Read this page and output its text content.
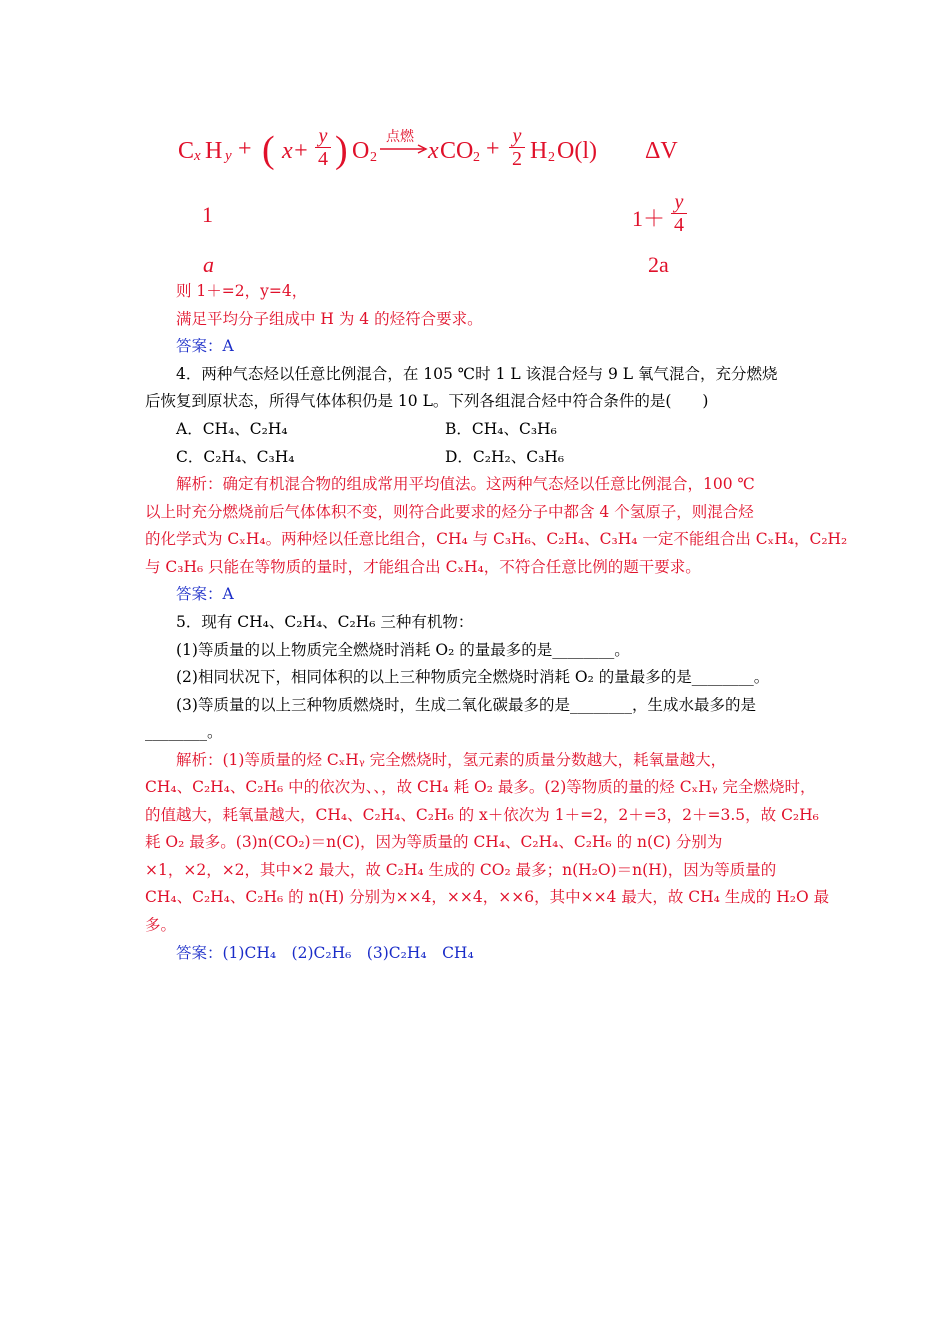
C x H y + ( x+
y
4 ) O 2
点燃
x CO 2 + y
2 H 2 O(l) ΔV
1	1＋
y
4
a	2a
则 1＋=2，y=4，
满足平均分子组成中 H 为 4 的烃符合要求。
答案：A
4．两种气态烃以任意比例混合，在 105 ℃时 1 L 该混合烃与 9 L 氧气混合，充分燃烧
后恢复到原状态，所得气体体积仍是 10 L。下列各组混合烃中符合条件的是(　　)
A．CH₄、C₂H₄	B．CH₄、C₃H₆
C．C₂H₄、C₃H₄	D．C₂H₂、C₃H₆
解析：确定有机混合物的组成常用平均值法。这两种气态烃以任意比例混合，100 ℃
以上时充分燃烧前后气体体积不变，则符合此要求的烃分子中都含 4 个氢原子，则混合烃
的化学式为 CₓH₄。两种烃以任意比组合，CH₄ 与 C₃H₆、C₂H₄、C₃H₄ 一定不能组合出 CₓH₄，C₂H₂
与 C₃H₆ 只能在等物质的量时，才能组合出 CₓH₄，不符合任意比例的题干要求。
答案：A
5．现有 CH₄、C₂H₄、C₂H₆ 三种有机物：
(1)等质量的以上物质完全燃烧时消耗 O₂ 的量最多的是________。
(2)相同状况下，相同体积的以上三种物质完全燃烧时消耗 O₂ 的量最多的是________。
(3)等质量的以上三种物质燃烧时，生成二氧化碳最多的是________，生成水最多的是
________。
解析：(1)等质量的烃 CₓHᵧ 完全燃烧时，氢元素的质量分数越大，耗氧量越大，
CH₄、C₂H₄、C₂H₆ 中的依次为、、，故 CH₄ 耗 O₂ 最多。(2)等物质的量的烃 CₓHᵧ 完全燃烧时，
的值越大，耗氧量越大，CH₄、C₂H₄、C₂H₆ 的 x＋依次为 1＋=2，2＋=3，2＋=3.5，故 C₂H₆
耗 O₂ 最多。(3)n(CO₂)＝n(C)，因为等质量的 CH₄、C₂H₄、C₂H₆ 的 n(C) 分别为
×1，×2，×2，其中×2 最大，故 C₂H₄ 生成的 CO₂ 最多；n(H₂O)＝n(H)，因为等质量的
CH₄、C₂H₄、C₂H₆ 的 n(H) 分别为××4，××4，××6，其中××4 最大，故 CH₄ 生成的 H₂O 最
多。
答案：(1)CH₄　(2)C₂H₆　(3)C₂H₄　CH₄
